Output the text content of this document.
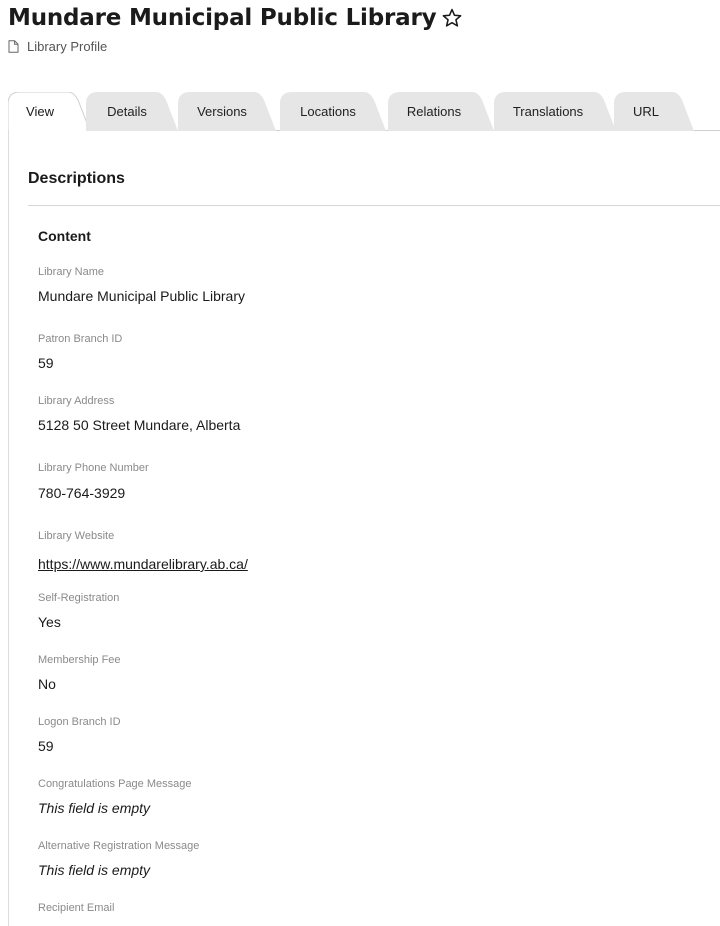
Mundare Municipal Public Library
Library Profile
View	Details	Versions	Locations	Relations	Translations	URL
Descriptions
Content
Library Name
Mundare Municipal Public Library
Patron Branch ID
59
Library Address
5128 50 Street Mundare, Alberta
Library Phone Number
780-764-3929
Library Website
https://www.mundarelibrary.ab.ca/
Self-Registration
Yes
Membership Fee
No
Logon Branch ID
59
Congratulations Page Message
This field is empty
Alternative Registration Message
This field is empty
Recipient Email
